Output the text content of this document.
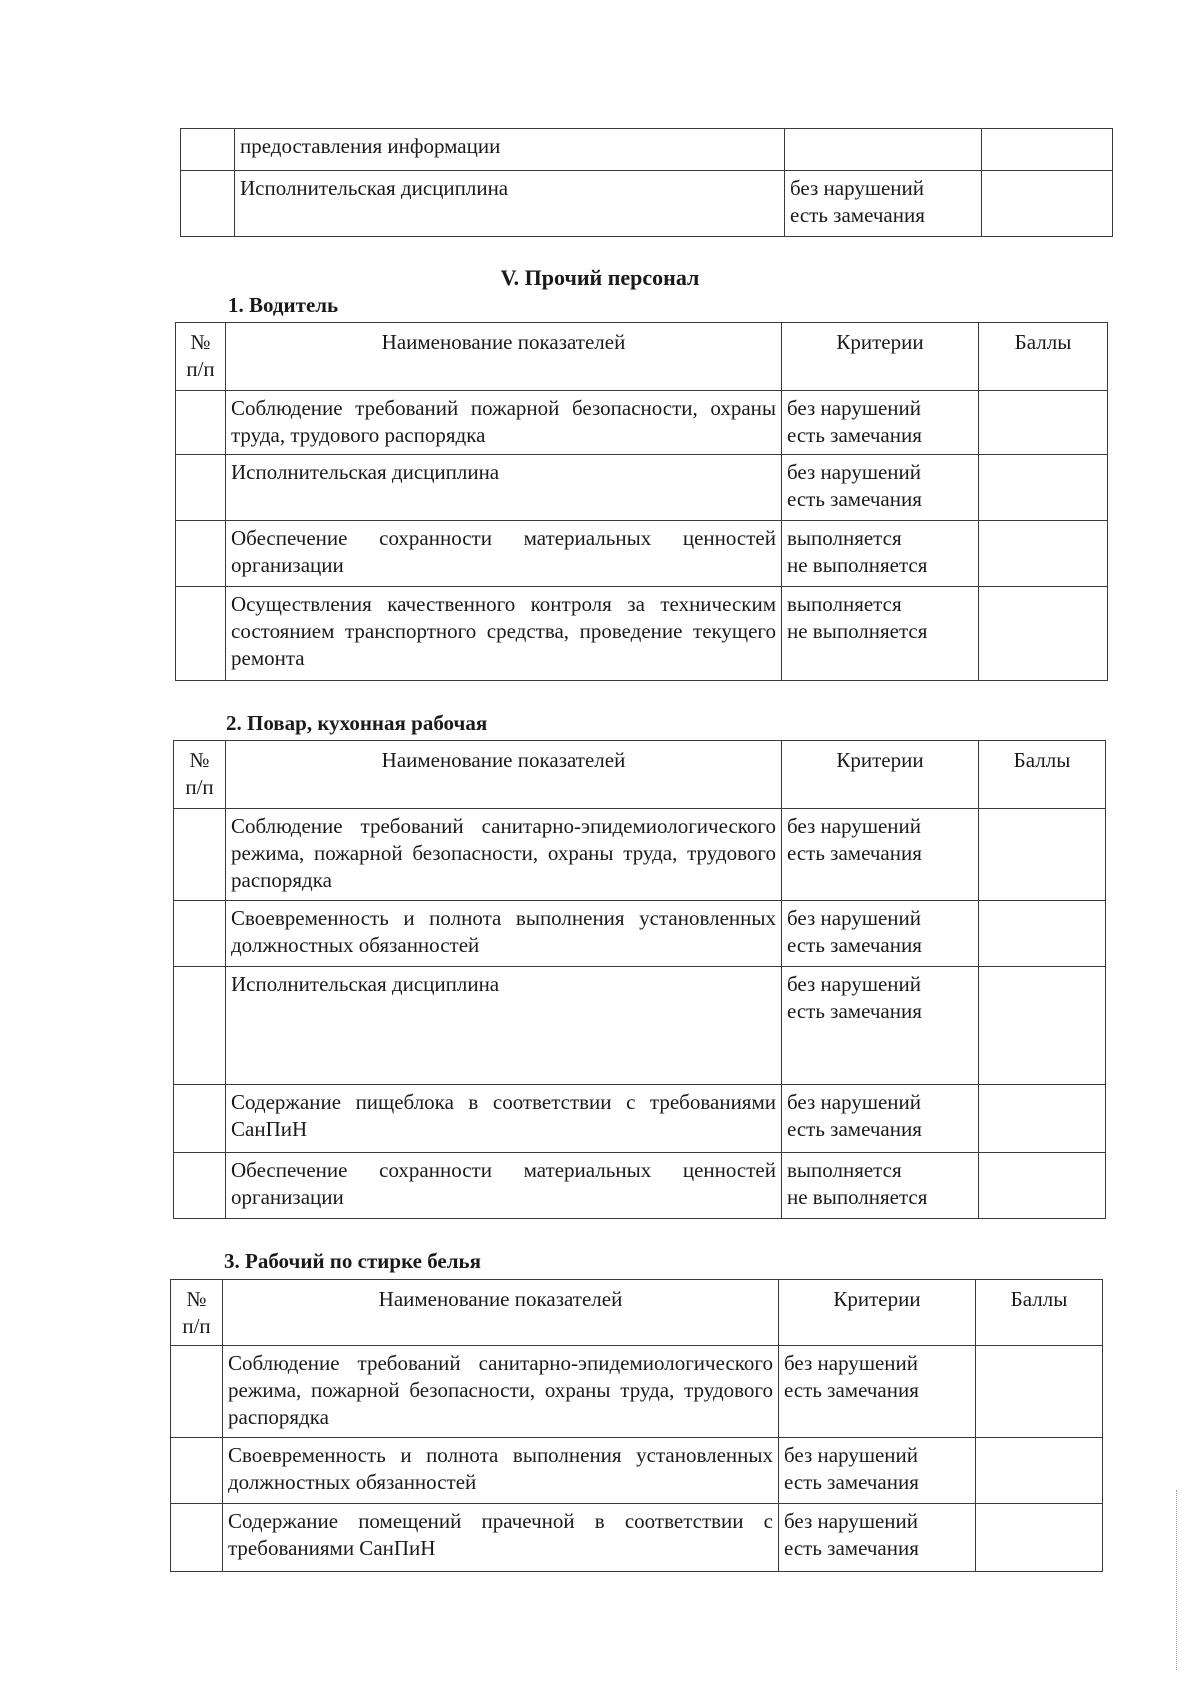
	предоставления информации		
	Исполнительская дисциплина	без нарушений
есть замечания	

V. Прочий персонал
1. Водитель
№ п/п	Наименование показателей	Критерии	Баллы
	Соблюдение требований пожарной безопасности, охраны труда, трудового распорядка	без нарушений
есть замечания	

	Исполнительская дисциплина	без нарушений
есть замечания	

	Обеспечение сохранности материальных ценностей организации	выполняется
не выполняется	

	Осуществления качественного контроля за техническим состоянием транспортного средства, проведение текущего ремонта	выполняется
не выполняется	

2. Повар, кухонная рабочая
№ п/п	Наименование показателей	Критерии	Баллы
	Соблюдение требований санитарно-эпидемиологического режима, пожарной безопасности, охраны труда, трудового распорядка	без нарушений
есть замечания	

	Своевременность и полнота выполнения установленных должностных обязанностей	без нарушений
есть замечания	

	Исполнительская дисциплина	без нарушений
есть замечания	

	Содержание пищеблока в соответствии с требованиями СанПиН	без нарушений
есть замечания	

	Обеспечение сохранности материальных ценностей организации	выполняется
не выполняется	

3. Рабочий по стирке белья
№ п/п	Наименование показателей	Критерии	Баллы
	Соблюдение требований санитарно-эпидемиологического режима, пожарной безопасности, охраны труда, трудового распорядка	без нарушений
есть замечания	

	Своевременность и полнота выполнения установленных должностных обязанностей	без нарушений
есть замечания	

	Содержание помещений прачечной в соответствии с требованиями СанПиН	без нарушений
есть замечания	
